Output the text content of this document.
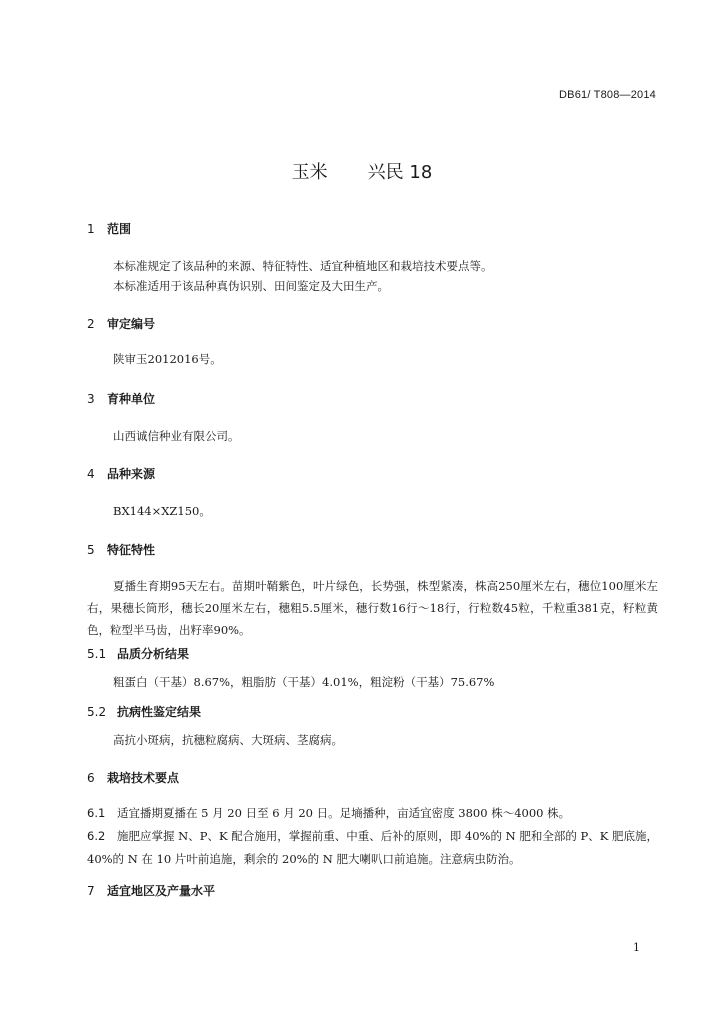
DB61/ T808—2014
玉米 兴民 18
1 范围
本标准规定了该品种的来源、特征特性、适宜种植地区和栽培技术要点等。
本标准适用于该品种真伪识别、田间鉴定及大田生产。
2 审定编号
陕审玉2012016号。
3 育种单位
山西诚信种业有限公司。
4 品种来源
BX144×XZ150。
5 特征特性
夏播生育期95天左右。苗期叶鞘紫色，叶片绿色，长势强，株型紧凑，株高250厘米左右，穗位100厘米左右，果穗长筒形，穗长20厘米左右，穗粗5.5厘米，穗行数16行～18行，行粒数45粒，千粒重381克，籽粒黄色，粒型半马齿，出籽率90%。
5.1 品质分析结果
粗蛋白（干基）8.67%，粗脂肪（干基）4.01%，粗淀粉（干基）75.67%
5.2 抗病性鉴定结果
高抗小斑病，抗穗粒腐病、大斑病、茎腐病。
6 栽培技术要点
6.1 适宜播期夏播在 5 月 20 日至 6 月 20 日。足墒播种，亩适宜密度 3800 株～4000 株。
6.2 施肥应掌握 N、P、K 配合施用，掌握前重、中重、后补的原则，即 40%的 N 肥和全部的 P、K 肥底施，40%的 N 在 10 片叶前追施，剩余的 20%的 N 肥大喇叭口前追施。注意病虫防治。
7 适宜地区及产量水平
1
